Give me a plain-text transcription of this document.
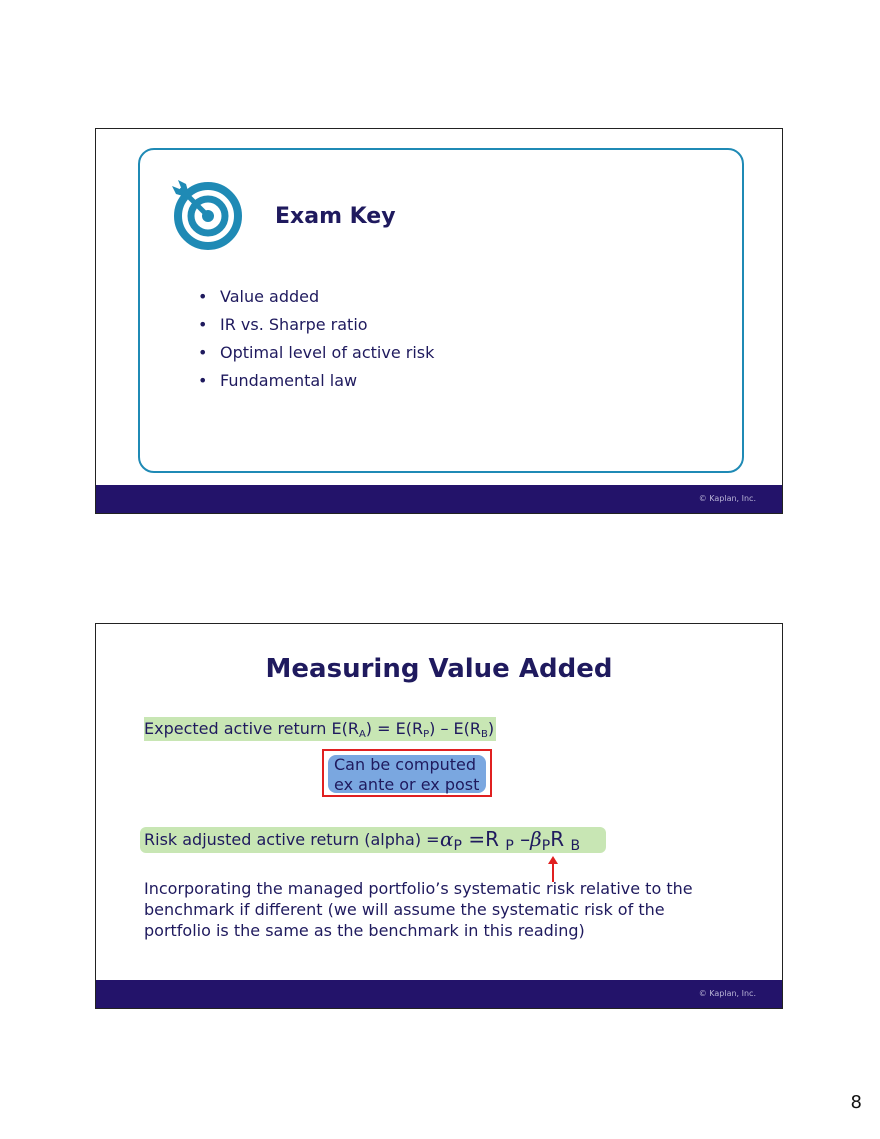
Exam Key
• Value added
• IR vs. Sharpe ratio
• Optimal level of active risk
• Fundamental law
© Kaplan, Inc.
Measuring Value Added
Expected active return $E(R_A) = E(R_P) - E(R_B)$
Can be computed
ex ante or ex post
Risk adjusted active return (alpha) = $\alpha_P =R$ $_P$ $-\beta_PR$ $_B$
Incorporating the managed portfolio’s systematic risk relative to the benchmark if different (we will assume the systematic risk of the portfolio is the same as the benchmark in this reading)
© Kaplan, Inc.
8
